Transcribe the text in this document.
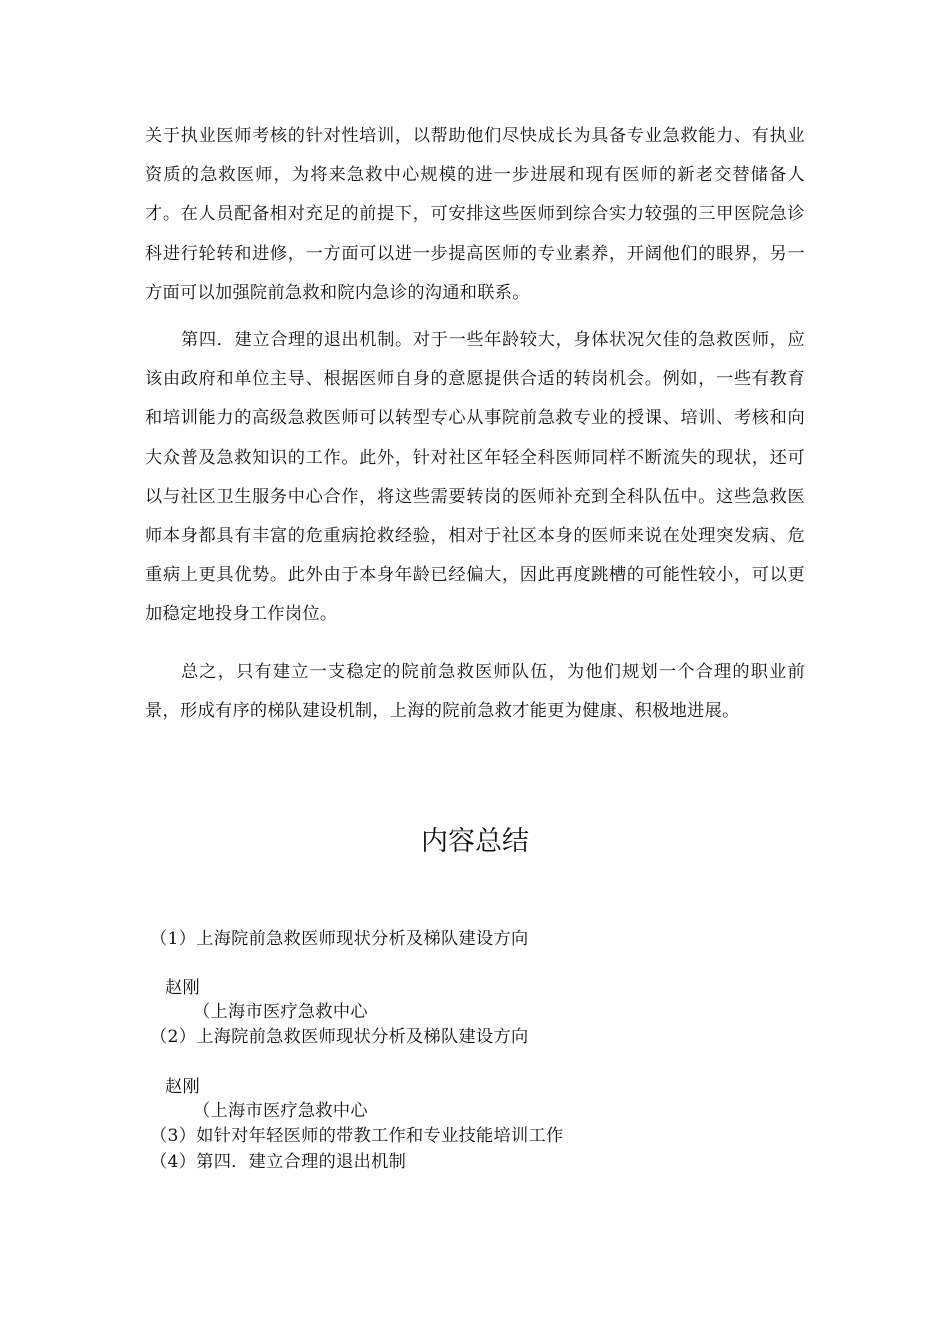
关于执业医师考核的针对性培训，以帮助他们尽快成长为具备专业急救能力、有执业资质的急救医师，为将来急救中心规模的进一步进展和现有医师的新老交替储备人才。在人员配备相对充足的前提下，可安排这些医师到综合实力较强的三甲医院急诊科进行轮转和进修，一方面可以进一步提高医师的专业素养，开阔他们的眼界，另一方面可以加强院前急救和院内急诊的沟通和联系。

第四．建立合理的退出机制。对于一些年龄较大，身体状况欠佳的急救医师，应该由政府和单位主导、根据医师自身的意愿提供合适的转岗机会。例如，一些有教育和培训能力的高级急救医师可以转型专心从事院前急救专业的授课、培训、考核和向大众普及急救知识的工作。此外，针对社区年轻全科医师同样不断流失的现状，还可以与社区卫生服务中心合作，将这些需要转岗的医师补充到全科队伍中。这些急救医师本身都具有丰富的危重病抢救经验，相对于社区本身的医师来说在处理突发病、危重病上更具优势。此外由于本身年龄已经偏大，因此再度跳槽的可能性较小，可以更加稳定地投身工作岗位。

总之，只有建立一支稳定的院前急救医师队伍，为他们规划一个合理的职业前景，形成有序的梯队建设机制，上海的院前急救才能更为健康、积极地进展。

内容总结

（1）上海院前急救医师现状分析及梯队建设方向

赵刚

（上海市医疗急救中心

（2）上海院前急救医师现状分析及梯队建设方向

赵刚

（上海市医疗急救中心

（3）如针对年轻医师的带教工作和专业技能培训工作

（4）第四．建立合理的退出机制
